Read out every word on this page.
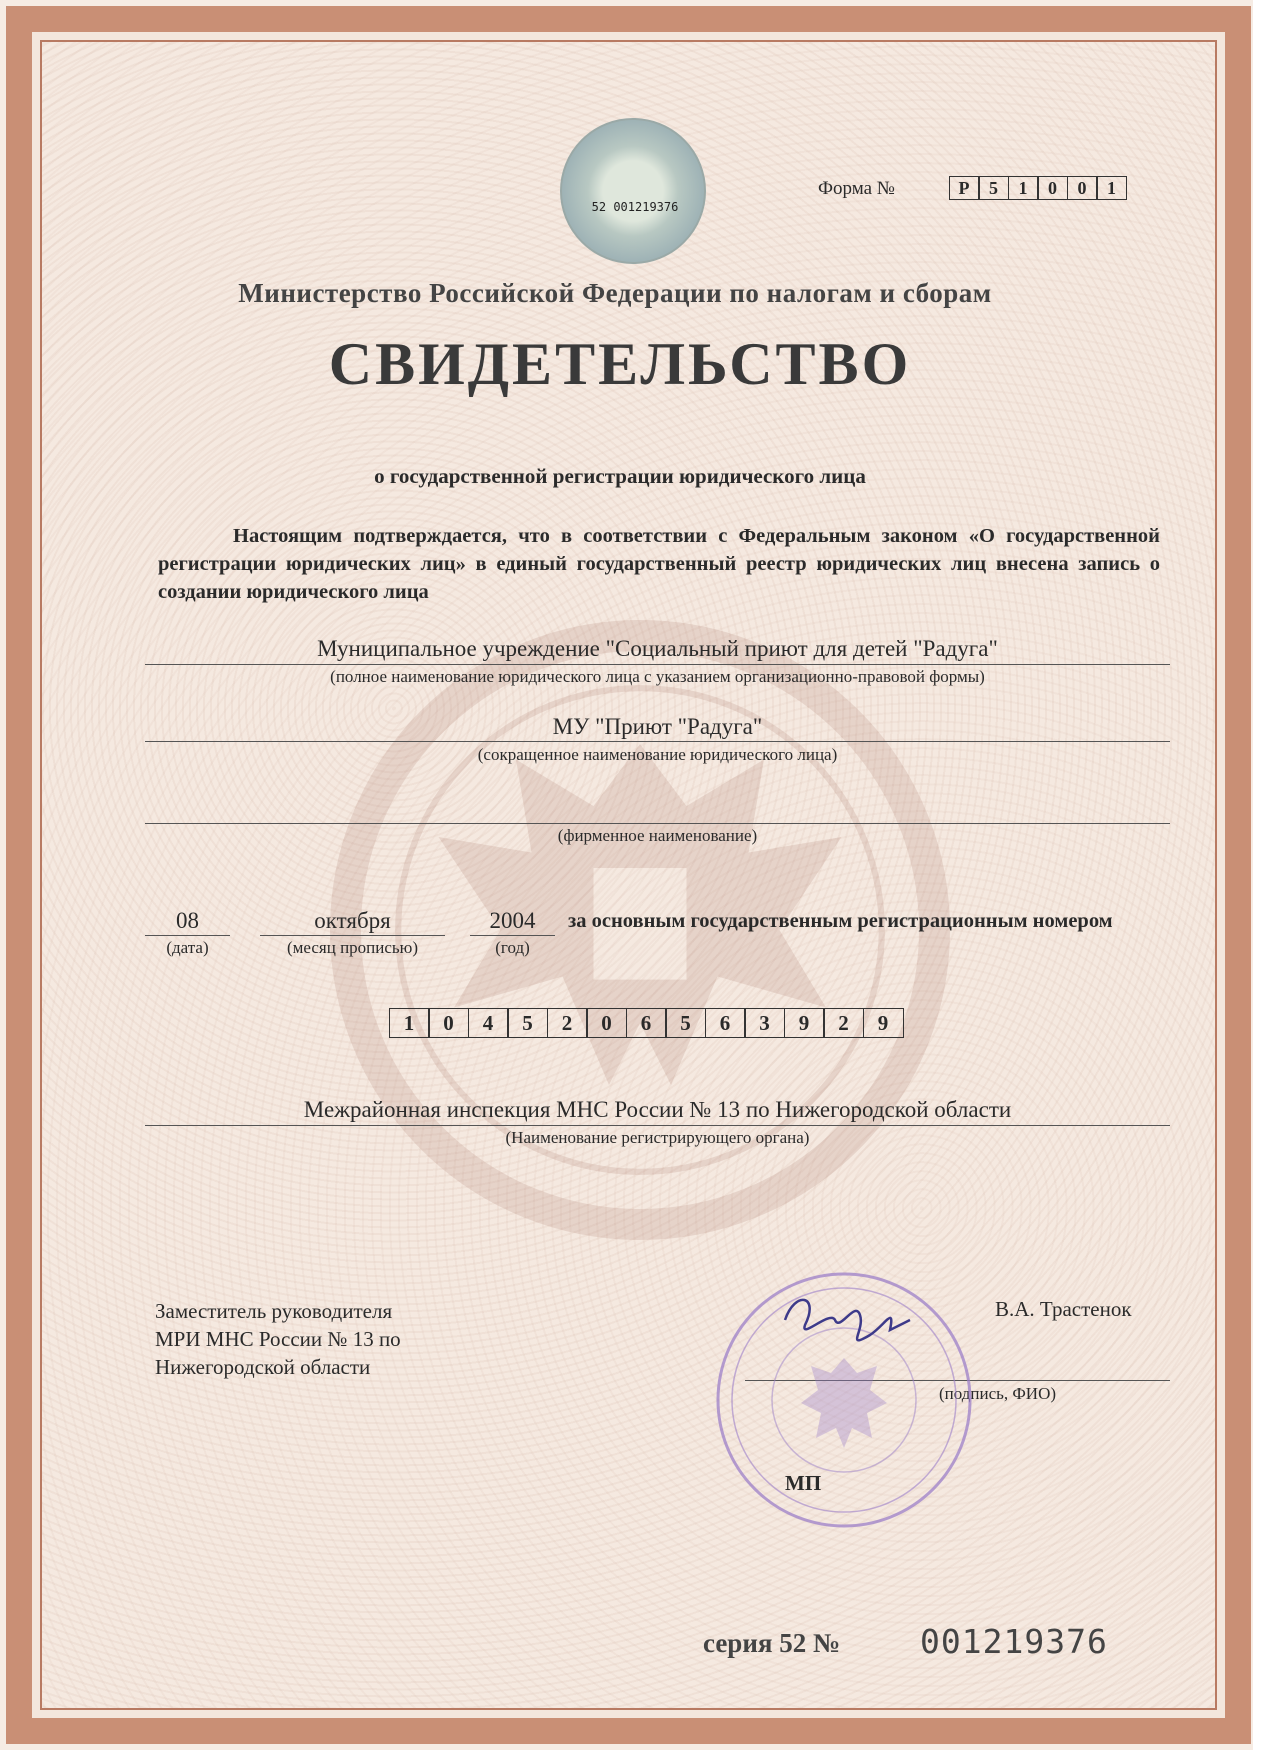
52 001219376
Форма №	Р	5	1	0	0	1
Министерство Российской Федерации по налогам и сборам
СВИДЕТЕЛЬСТВО
о государственной регистрации юридического лица
Настоящим подтверждается, что в соответствии с Федеральным законом «О государственной регистрации юридических лиц» в единый государственный реестр юридических лиц внесена запись о создании юридического лица
Муниципальное учреждение "Социальный приют для детей "Радуга"
(полное наименование юридического лица с указанием организационно-правовой формы)
МУ "Приют "Радуга"
(сокращенное наименование юридического лица)
(фирменное наименование)
08
(дата)
октября
(месяц прописью)
2004
(год)
за основным государственным регистрационным номером
1	0	4	5	2	0	6	5	6	3	9	2	9
Межрайонная инспекция МНС России № 13 по Нижегородской области
(Наименование регистрирующего органа)
Заместитель руководителя
МРИ МНС России № 13 по
Нижегородской области
В.А. Трастенок
(подпись, ФИО)
МП
серия 52 № 001219376
